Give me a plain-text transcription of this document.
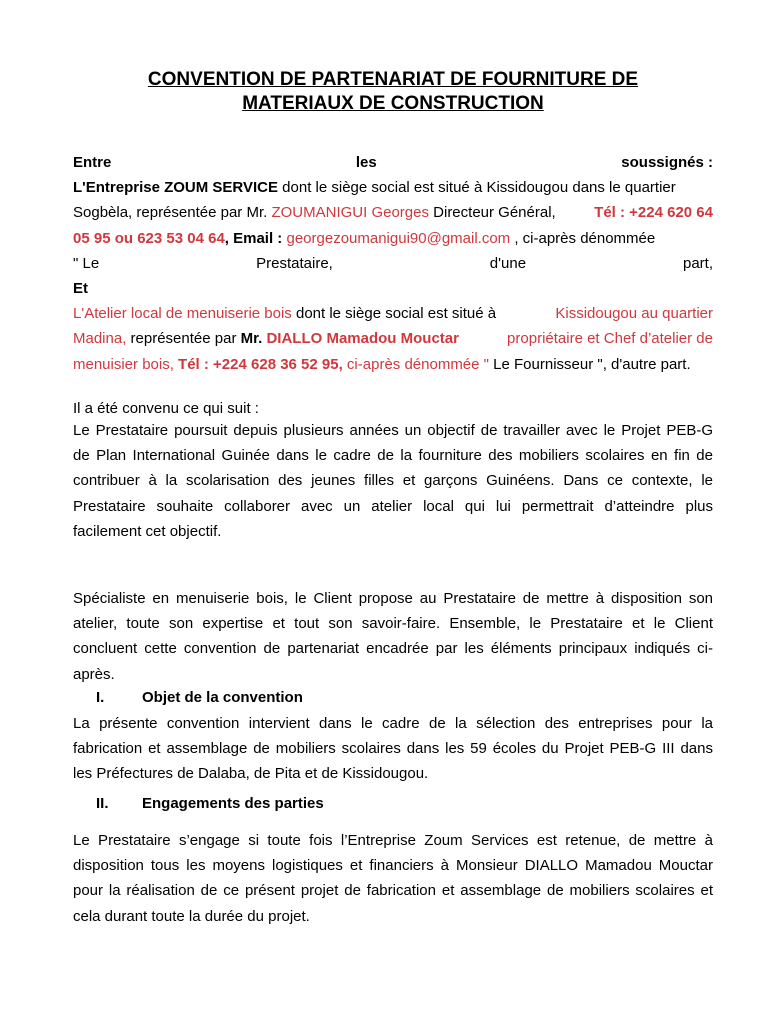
CONVENTION DE PARTENARIAT DE FOURNITURE DE
MATERIAUX DE CONSTRUCTION
Entre	les	soussignés :
L'Entreprise ZOUM SERVICE dont le siège social est situé à Kissidougou dans le quartier
Sogbèla, représentée par Mr. ZOUMANIGUI Georges Directeur Général,	Tél : +224 620 64
05 95 ou 623 53 04 64, Email : georgezoumanigui90@gmail.com , ci-après dénommée
" Le	Prestataire,	d'une	part,
Et
L'Atelier local de menuiserie bois dont le siège social est situé à	Kissidougou au quartier
Madina, représentée par Mr. DIALLO Mamadou Mouctar	propriétaire et Chef d’atelier de
menuisier bois, Tél : +224 628 36 52 95, ci-après dénommée " Le Fournisseur ", d'autre part.
Il a été convenu ce qui suit :
Le Prestataire poursuit depuis plusieurs années un objectif de travailler avec le Projet PEB-G
de Plan International Guinée dans le cadre de la fourniture des mobiliers scolaires en fin de
contribuer à la scolarisation des jeunes filles et garçons Guinéens. Dans ce contexte, le
Prestataire souhaite collaborer avec un atelier local qui lui permettrait d’atteindre plus
facilement cet objectif.
Spécialiste en menuiserie bois, le Client propose au Prestataire de mettre à disposition son
atelier, toute son expertise et tout son savoir-faire. Ensemble, le Prestataire et le Client
concluent cette convention de partenariat encadrée par les éléments principaux indiqués ci-
après.
I.	Objet de la convention
La présente convention intervient dans le cadre de la sélection des entreprises pour la
fabrication et assemblage de mobiliers scolaires dans les 59 écoles du Projet PEB-G III dans
les Préfectures de Dalaba, de Pita et de Kissidougou.
II. Engagements des parties
Le Prestataire s’engage si toute fois l’Entreprise Zoum Services est retenue, de mettre à
disposition tous les moyens logistiques et financiers à Monsieur DIALLO Mamadou Mouctar
pour la réalisation de ce présent projet de fabrication et assemblage de mobiliers scolaires et
cela durant toute la durée du projet.
